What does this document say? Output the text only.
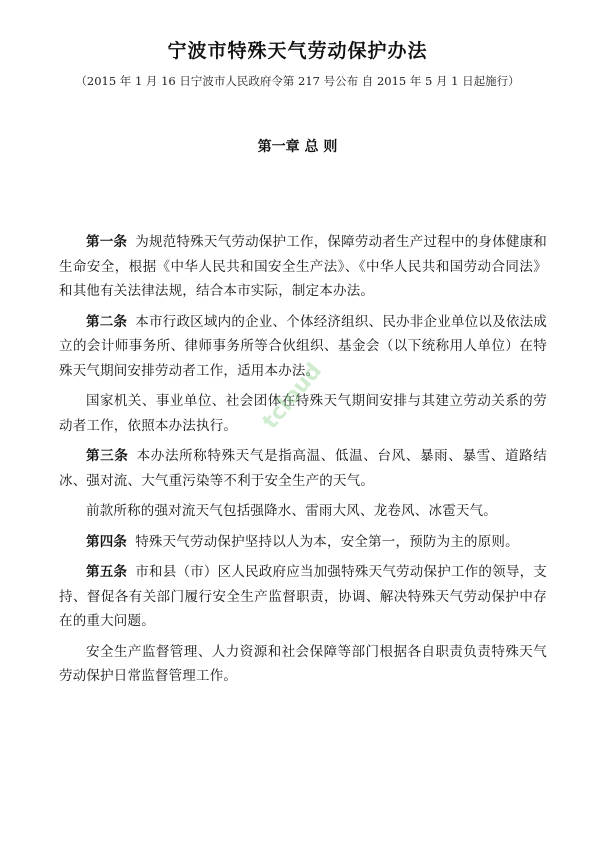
宁波市特殊天气劳动保护办法
（2015 年 1 月 16 日宁波市人民政府令第 217 号公布 自 2015 年 5 月 1 日起施行）
第一章 总 则

第一条 为规范特殊天气劳动保护工作，保障劳动者生产过程中的身体健康和生命安全，根据《中华人民共和国安全生产法》、《中华人民共和国劳动合同法》和其他有关法律法规，结合本市实际，制定本办法。

第二条 本市行政区域内的企业、个体经济组织、民办非企业单位以及依法成立的会计师事务所、律师事务所等合伙组织、基金会（以下统称用人单位）在特殊天气期间安排劳动者工作，适用本办法。

国家机关、事业单位、社会团体在特殊天气期间安排与其建立劳动关系的劳动者工作，依照本办法执行。

第三条 本办法所称特殊天气是指高温、低温、台风、暴雨、暴雪、道路结冰、强对流、大气重污染等不利于安全生产的天气。

前款所称的强对流天气包括强降水、雷雨大风、龙卷风、冰雹天气。

第四条 特殊天气劳动保护坚持以人为本，安全第一，预防为主的原则。

第五条 市和县（市）区人民政府应当加强特殊天气劳动保护工作的领导，支持、督促各有关部门履行安全生产监督职责，协调、解决特殊天气劳动保护中存在的重大问题。

安全生产监督管理、人力资源和社会保障等部门根据各自职责负责特殊天气劳动保护日常监督管理工作。

tcloud
